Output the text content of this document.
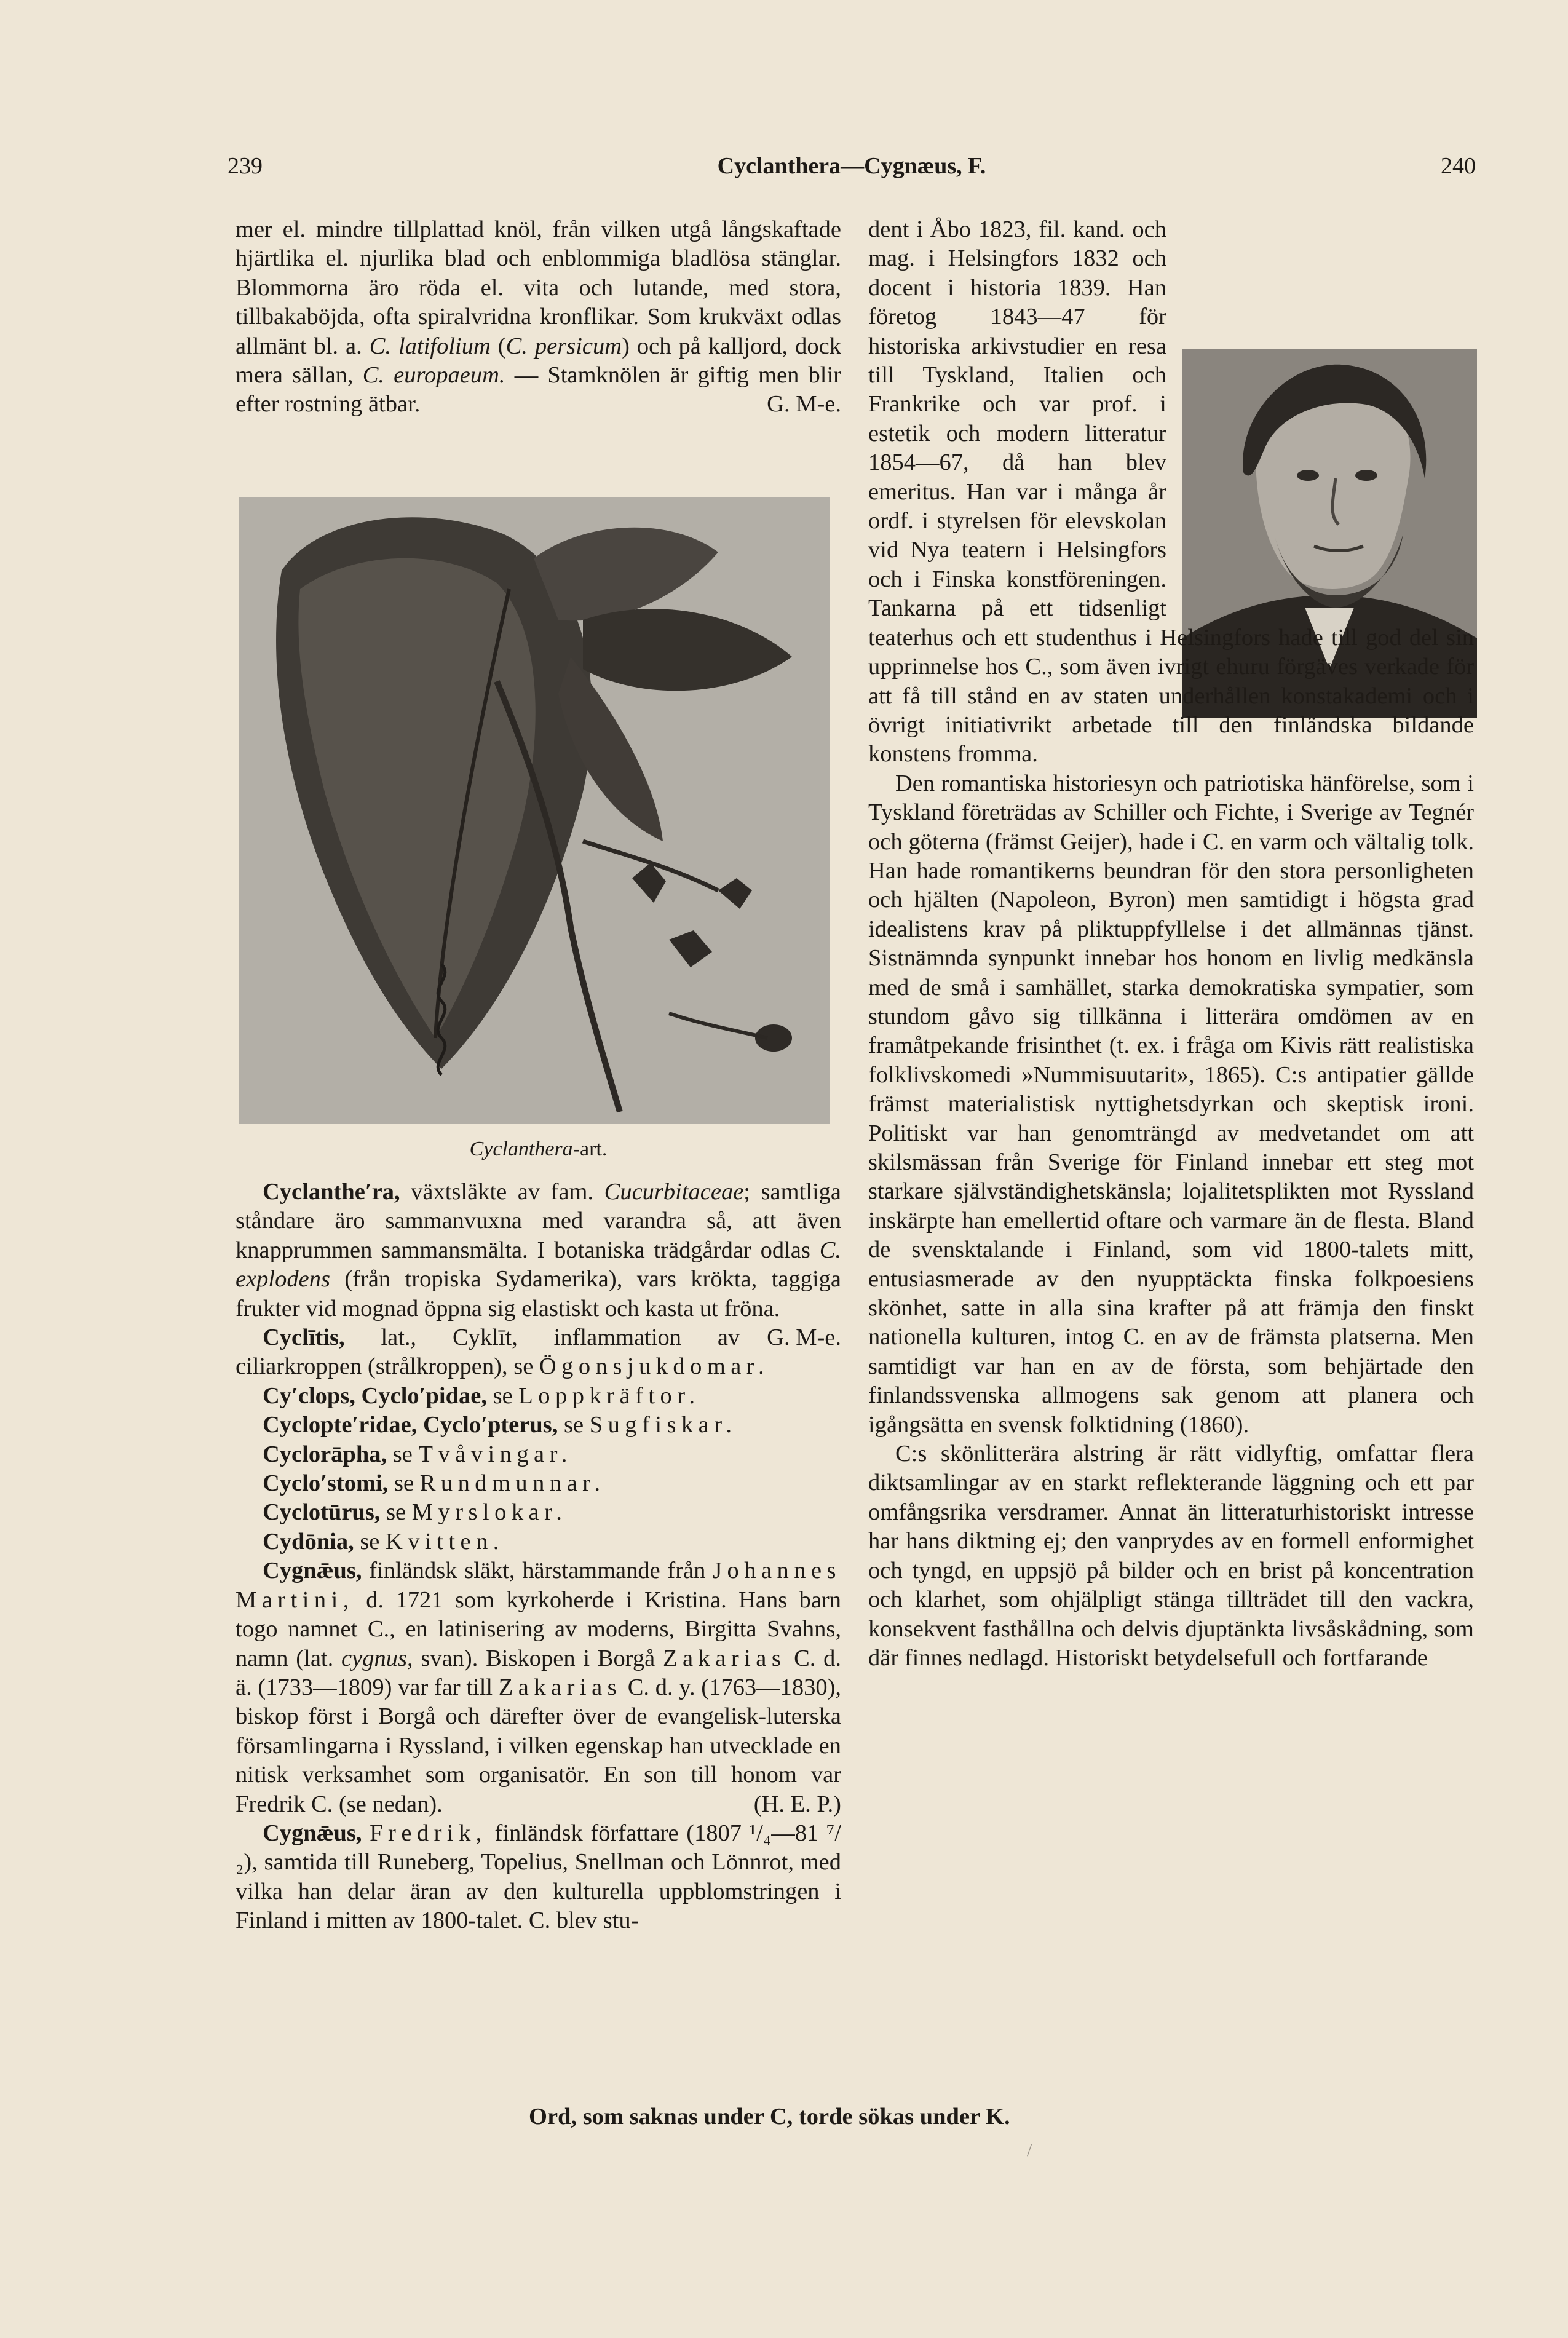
239	Cyclanthera—Cygnæus, F.	240

mer el. mindre tillplattad knöl, från vilken utgå långskaftade hjärtlika el. njurlika blad och enblommiga bladlösa stänglar. Blommorna äro röda el. vita och lutande, med stora, tillbakaböjda, ofta spiralvridna kronflikar. Som krukväxt odlas allmänt bl. a. C. latifolium (C. persicum) och på kalljord, dock mera sällan, C. europaeum. — Stamknölen är giftig men blir efter rostning ätbar.	G. M-e.

Cyclanthera-art.

Cyclanthe′ra, växtsläkte av fam. Cucurbitaceae; samtliga ståndare äro sammanvuxna med varandra så, att även knapprummen sammansmälta. I botaniska trädgårdar odlas C. explodens (från tropiska Sydamerika), vars krökta, taggiga frukter vid mognad öppna sig elastiskt och kasta ut fröna.
G. M-e.

Cyclītis, lat., Cyklīt, inflammation av ciliarkroppen (strålkroppen), se Ögonsjukdomar.

Cy′clops, Cyclo′pidae, se Loppkräftor.

Cyclopte′ridae, Cyclo′pterus, se Sugfiskar.

Cyclorāpha, se Tvåvingar.

Cyclo′stomi, se Rundmunnar.

Cyclotūrus, se Myrslokar.

Cydōnia, se Kvitten.

Cygnǣus, finländsk släkt, härstammande från Johannes Martini, d. 1721 som kyrkoherde i Kristina. Hans barn togo namnet C., en latinisering av moderns, Birgitta Svahns, namn (lat. cygnus, svan). Biskopen i Borgå Zakarias C. d. ä. (1733—1809) var far till Zakarias C. d. y. (1763—1830), biskop först i Borgå och därefter över de evangelisk-luterska församlingarna i Ryssland, i vilken egenskap han utvecklade en nitisk verksamhet som organisatör. En son till honom var Fredrik C. (se nedan).	(H. E. P.)

Cygnǣus, Fredrik, finländsk författare (1807 ¹/₄—81 ⁷/₂), samtida till Runeberg, Topelius, Snellman och Lönnrot, med vilka han delar äran av den kulturella uppblomstringen i Finland i mitten av 1800-talet. C. blev stu-

dent i Åbo 1823, fil. kand. och mag. i Helsingfors 1832 och docent i historia 1839. Han företog 1843—47 för historiska arkivstudier en resa till Tyskland, Italien och Frankrike och var prof. i estetik och modern litteratur 1854—67, då han blev emeritus. Han var i många år ordf. i styrelsen för elevskolan vid Nya teatern i Helsingfors och i Finska konstföreningen. Tankarna på ett tidsenligt teaterhus och ett studenthus i Helsingfors hade till god del sin upprinnelse hos C., som även ivrigt ehuru förgäves verkade för att få till stånd en av staten underhållen konstakademi och i övrigt initiativrikt arbetade till den finländska bildande konstens fromma.

Den romantiska historiesyn och patriotiska hänförelse, som i Tyskland företrädas av Schiller och Fichte, i Sverige av Tegnér och göterna (främst Geijer), hade i C. en varm och vältalig tolk. Han hade romantikerns beundran för den stora personligheten och hjälten (Napoleon, Byron) men samtidigt i högsta grad idealistens krav på pliktuppfyllelse i det allmännas tjänst. Sistnämnda synpunkt innebar hos honom en livlig medkänsla med de små i samhället, starka demokratiska sympatier, som stundom gåvo sig tillkänna i litterära omdömen av en framåtpekande frisinthet (t. ex. i fråga om Kivis rätt realistiska folklivskomedi »Nummisuutarit», 1865). C:s antipatier gällde främst materialistisk nyttighetsdyrkan och skeptisk ironi. Politiskt var han genomträngd av medvetandet om att skilsmässan från Sverige för Finland innebar ett steg mot starkare självständighetskänsla; lojalitetsplikten mot Ryssland inskärpte han emellertid oftare och varmare än de flesta. Bland de svensktalande i Finland, som vid 1800-talets mitt, entusiasmerade av den nyupptäckta finska folkpoesiens skönhet, satte in alla sina krafter på att främja den finskt nationella kulturen, intog C. en av de främsta platserna. Men samtidigt var han en av de första, som behjärtade den finlandssvenska allmogens sak genom att planera och igångsätta en svensk folktidning (1860).

C:s skönlitterära alstring är rätt vidlyftig, omfattar flera diktsamlingar av en starkt reflekterande läggning och ett par omfångsrika versdramer. Annat än litteraturhistoriskt intresse har hans diktning ej; den vanprydes av en formell enformighet och tyngd, en uppsjö på bilder och en brist på koncentration och klarhet, som ohjälpligt stänga tillträdet till den vackra, konsekvent fasthållna och delvis djuptänkta livsåskådning, som där finnes nedlagd. Historiskt betydelsefull och fortfarande

Ord, som saknas under C, torde sökas under K.
/
